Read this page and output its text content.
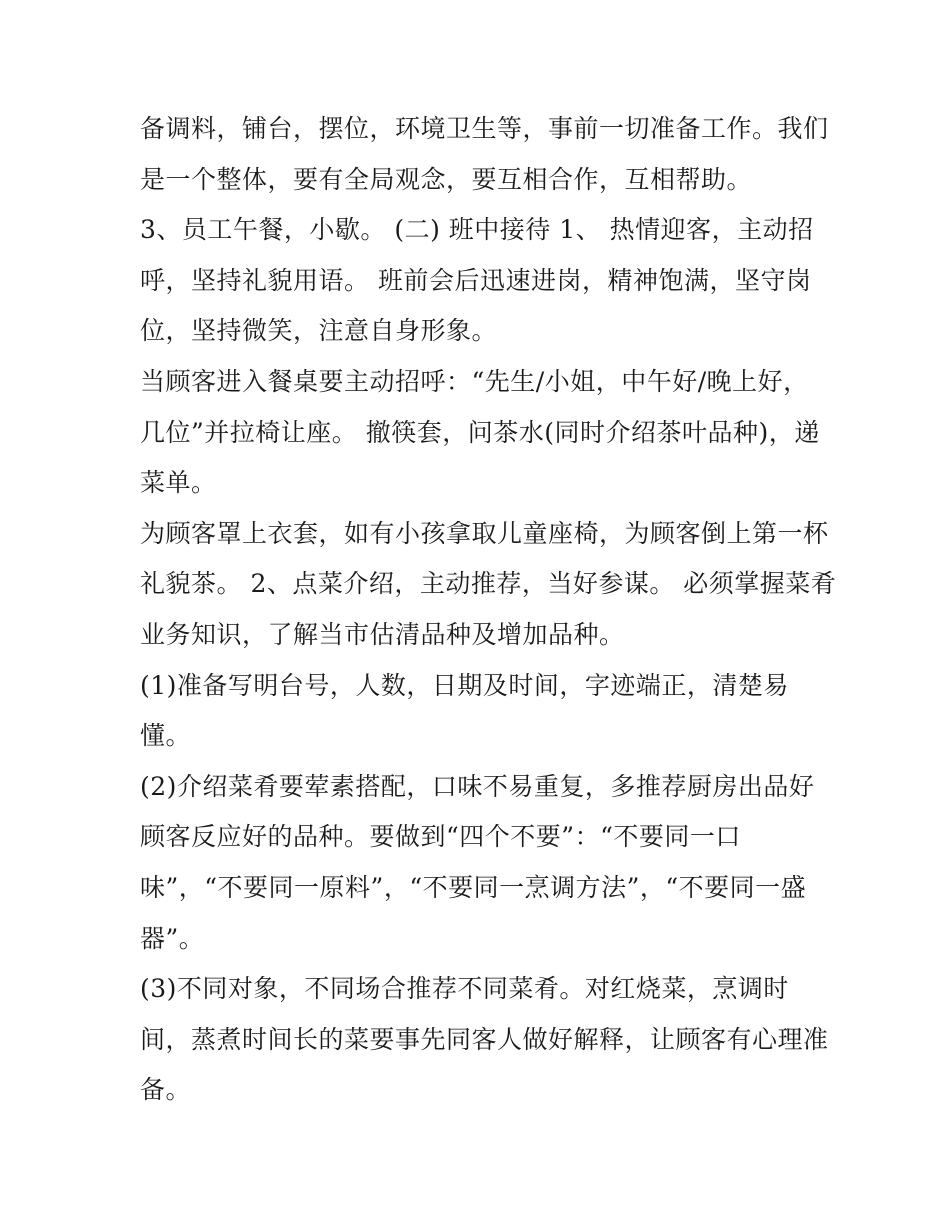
备调料，铺台，摆位，环境卫生等，事前一切准备工作。我们
是一个整体，要有全局观念，要互相合作，互相帮助。
3、员工午餐，小歇。 (二) 班中接待 1、 热情迎客，主动招
呼，坚持礼貌用语。 班前会后迅速进岗，精神饱满，坚守岗
位，坚持微笑，注意自身形象。
当顾客进入餐桌要主动招呼：“先生/小姐，中午好/晚上好，
几位”并拉椅让座。 撤筷套，问茶水(同时介绍茶叶品种)，递
菜单。
为顾客罩上衣套，如有小孩拿取儿童座椅，为顾客倒上第一杯
礼貌茶。 2、点菜介绍，主动推荐，当好参谋。 必须掌握菜肴
业务知识，了解当市估清品种及增加品种。
(1)准备写明台号，人数，日期及时间，字迹端正，清楚易
懂。
(2)介绍菜肴要荤素搭配，口味不易重复，多推荐厨房出品好
顾客反应好的品种。要做到“四个不要”：“不要同一口
味”，“不要同一原料”，“不要同一烹调方法”，“不要同一盛
器”。
(3)不同对象，不同场合推荐不同菜肴。对红烧菜，烹调时
间，蒸煮时间长的菜要事先同客人做好解释，让顾客有心理准
备。
